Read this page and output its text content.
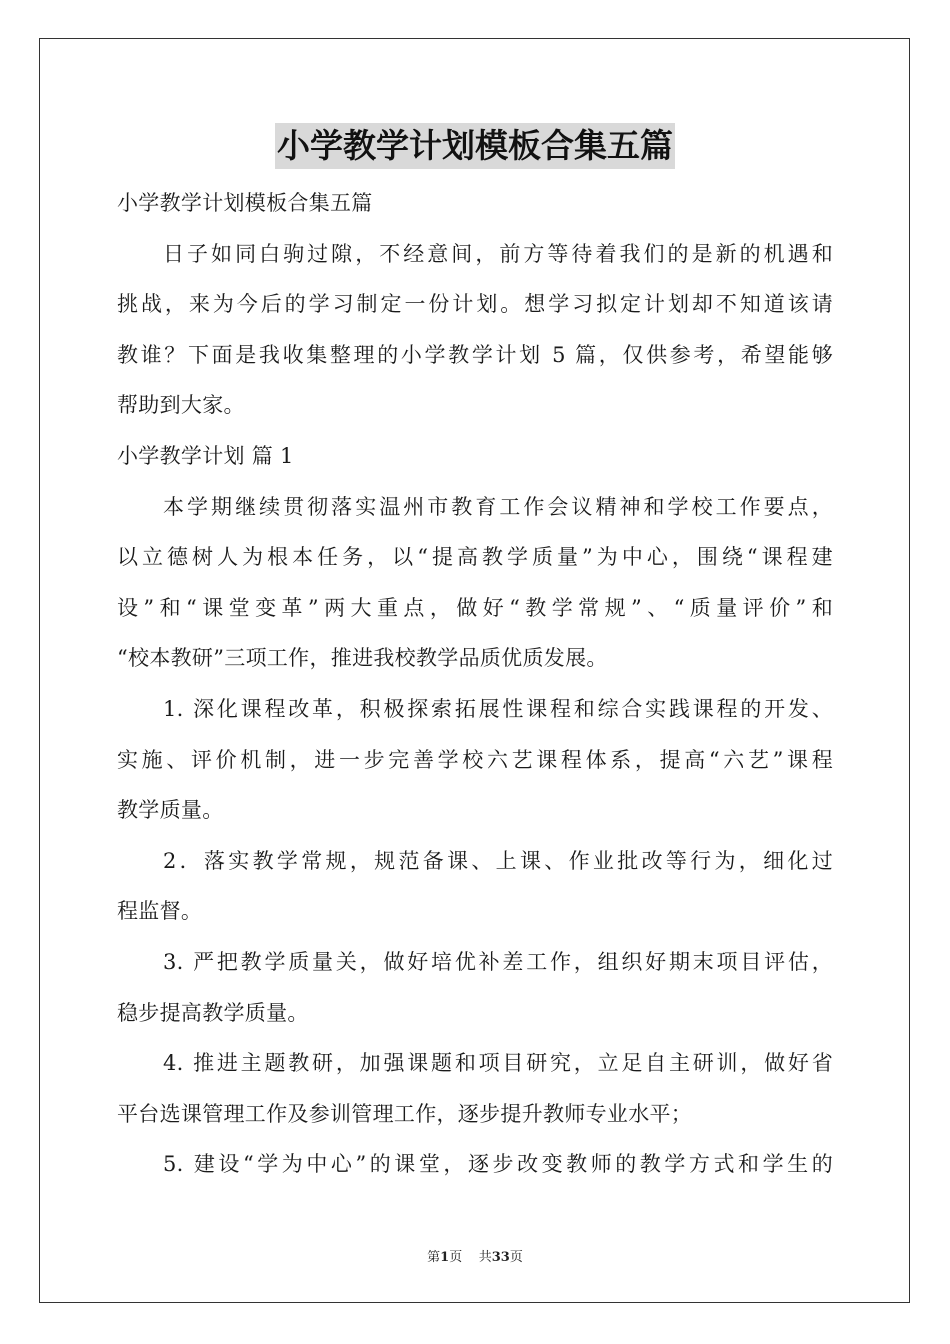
小学教学计划模板合集五篇
小学教学计划模板合集五篇
日子如同白驹过隙，不经意间，前方等待着我们的是新的机遇和
挑战，来为今后的学习制定一份计划。想学习拟定计划却不知道该请
教谁？下面是我收集整理的小学教学计划 5 篇，仅供参考，希望能够
帮助到大家。
小学教学计划 篇 1
本学期继续贯彻落实温州市教育工作会议精神和学校工作要点，
以立德树人为根本任务，以“提高教学质量”为中心，围绕“课程建
设”和“课堂变革”两大重点，做好“教学常规”、“质量评价”和
“校本教研”三项工作，推进我校教学品质优质发展。
1. 深化课程改革，积极探索拓展性课程和综合实践课程的开发、
实施、评价机制，进一步完善学校六艺课程体系，提高“六艺”课程
教学质量。
2．落实教学常规，规范备课、上课、作业批改等行为，细化过
程监督。
3. 严把教学质量关，做好培优补差工作，组织好期末项目评估，
稳步提高教学质量。
4. 推进主题教研，加强课题和项目研究，立足自主研训，做好省
平台选课管理工作及参训管理工作，逐步提升教师专业水平；
5. 建设“学为中心”的课堂，逐步改变教师的教学方式和学生的
第1页    共33页
